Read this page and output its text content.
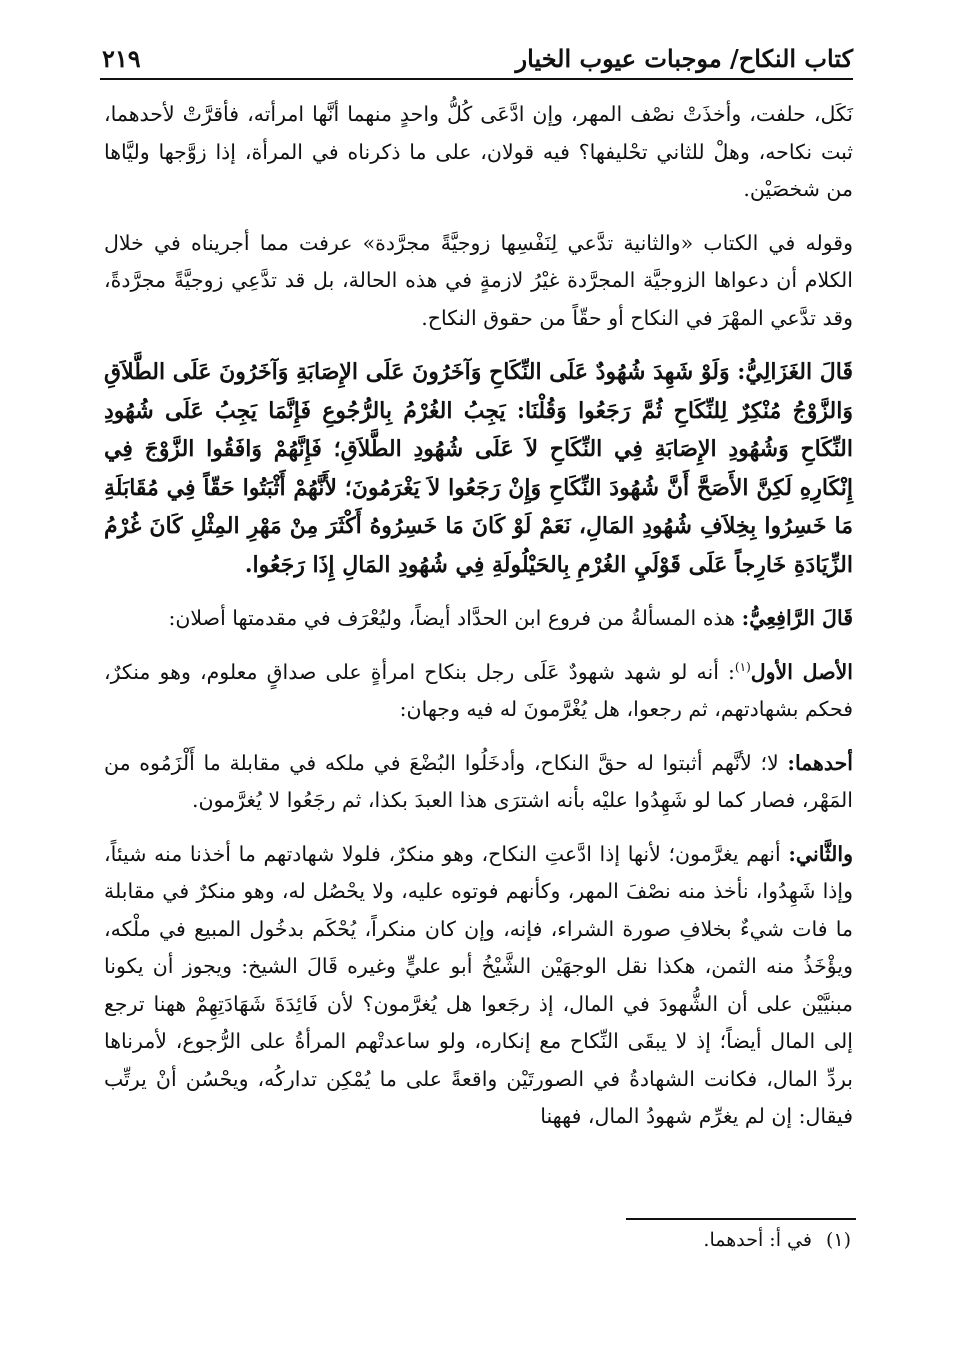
كتاب النكاح/ موجبات عيوب الخيار
٢١٩

نَكَل، حلفت، وأخذَتْ نصْف المهر، وإن ادَّعَى كُلُّ واحدٍ منهما أنَّها امرأته، فأقرَّتْ لأحدهما، ثبت نكاحه، وهلْ للثاني تحْليفها؟ فيه قولان، على ما ذكرناه في المرأة، إذا زوَّجها وليَّاها من شخصَيْن.

وقوله في الكتاب «والثانية تدَّعي لِنَفْسِها زوجيَّةً مجرَّدة» عرفت مما أجريناه في خلال الكلام أن دعواها الزوجيَّة المجرَّدة غيْرُ لازمةٍ في هذه الحالة، بل قد تدَّعِي زوجيَّةً مجرَّدةً، وقد تدَّعي المهْرَ في النكاح أو حقّاً من حقوق النكاح.

قَالَ الغَزَالِيُّ: وَلَوْ شَهِدَ شُهُودٌ عَلَى النِّكَاحِ وَآخَرُونَ عَلَى الإِصَابَةِ وَآخَرُونَ عَلَى الطَّلاَقِ وَالزَّوْجُ مُنْكِرٌ لِلنِّكَاحِ ثُمَّ رَجَعُوا وَقُلْنَا: يَجِبُ الغُرْمُ بِالرُّجُوعِ فَإِنَّمَا يَجِبُ عَلَى شُهُودِ النِّكَاحِ وَشُهُودِ الإِصَابَةِ فِي النِّكَاحِ لاَ عَلَى شُهُودِ الطَّلاَقِ؛ فَإِنَّهُمْ وَافَقُوا الزَّوْجَ فِي إِنْكَارِهِ لَكِنَّ الأَصَحَّ أَنَّ شُهُودَ النِّكَاحِ وَإِنْ رَجَعُوا لاَ يَغْرَمُونَ؛ لأَنَّهُمْ أَثْبَتُوا حَقّاً فِي مُقَابَلَةِ مَا خَسِرُوا بِخِلاَفِ شُهُودِ المَالِ، نَعَمْ لَوْ كَانَ مَا خَسِرُوهُ أَكْثَرَ مِنْ مَهْرِ المِثْلِ كَانَ غُرْمُ الزِّيَادَةِ خَارِجاً عَلَى قَوْلَيِ الغُرْمِ بِالحَيْلُولَةِ فِي شُهُودِ المَالِ إِذَا رَجَعُوا.

قَالَ الرَّافِعِيُّ: هذه المسألةُ من فروع ابن الحدَّاد أيضاً، وليُعْرَف في مقدمتها أصلان:

الأصل الأول$^{(١)}$: أنه لو شهد شهودٌ عَلَى رجل بنكاح امرأةٍ على صداقٍ معلوم، وهو منكرٌ، فحكم بشهادتهم، ثم رجعوا، هل يُغْرَّمونَ له فيه وجهان:

أحدهما: لا؛ لأنَّهم أثبتوا له حقَّ النكاح، وأدخَلُوا البُضْعَ في ملكه في مقابلة ما أَلْزَمُوه من المَهْر، فصار كما لو شَهِدُوا عليْه بأنه اشترَى هذا العبدَ بكذا، ثم رجَعُوا لا يُغرَّمون.

والثَّاني: أنهم يغرَّمون؛ لأنها إذا ادَّعتِ النكاح، وهو منكرٌ، فلولا شهادتهم ما أخذنا منه شيئاً، وإذا شَهِدُوا، نأخذ منه نصْفَ المهر، وكأنهم فوتوه عليه، ولا يحْصُل له، وهو منكرٌ في مقابلة ما فات شيءٌ بخلافِ صورة الشراء، فإنه، وإن كان منكراً، يُحْكَم بدخُول المبيع في ملْكه، ويؤْخَذُ منه الثمن، هكذا نقل الوجهَيْن الشَّيْخُ أبو عليٍّ وغيره قَالَ الشيخ: ويجوز أن يكونا مبنيَّيْن على أن الشُّهودَ في المال، إذ رجَعوا هل يُغرَّمون؟ لأن فَائِدَةَ شَهَادَتِهِمْ ههنا ترجع إلى المال أيضاً؛ إذ لا يبقَى النِّكاح مع إنكاره، ولو ساعدتْهم المرأةُ على الرُّجوع، لأمرناها بردِّ المال، فكانت الشهادةُ في الصورتَيْن واقعةً على ما يُمْكِن تداركُه، ويحْسُن أنْ يرتِّب فيقال: إن لم يغرِّم شهودُ المال، فههنا

(١)في أ: أحدهما.
